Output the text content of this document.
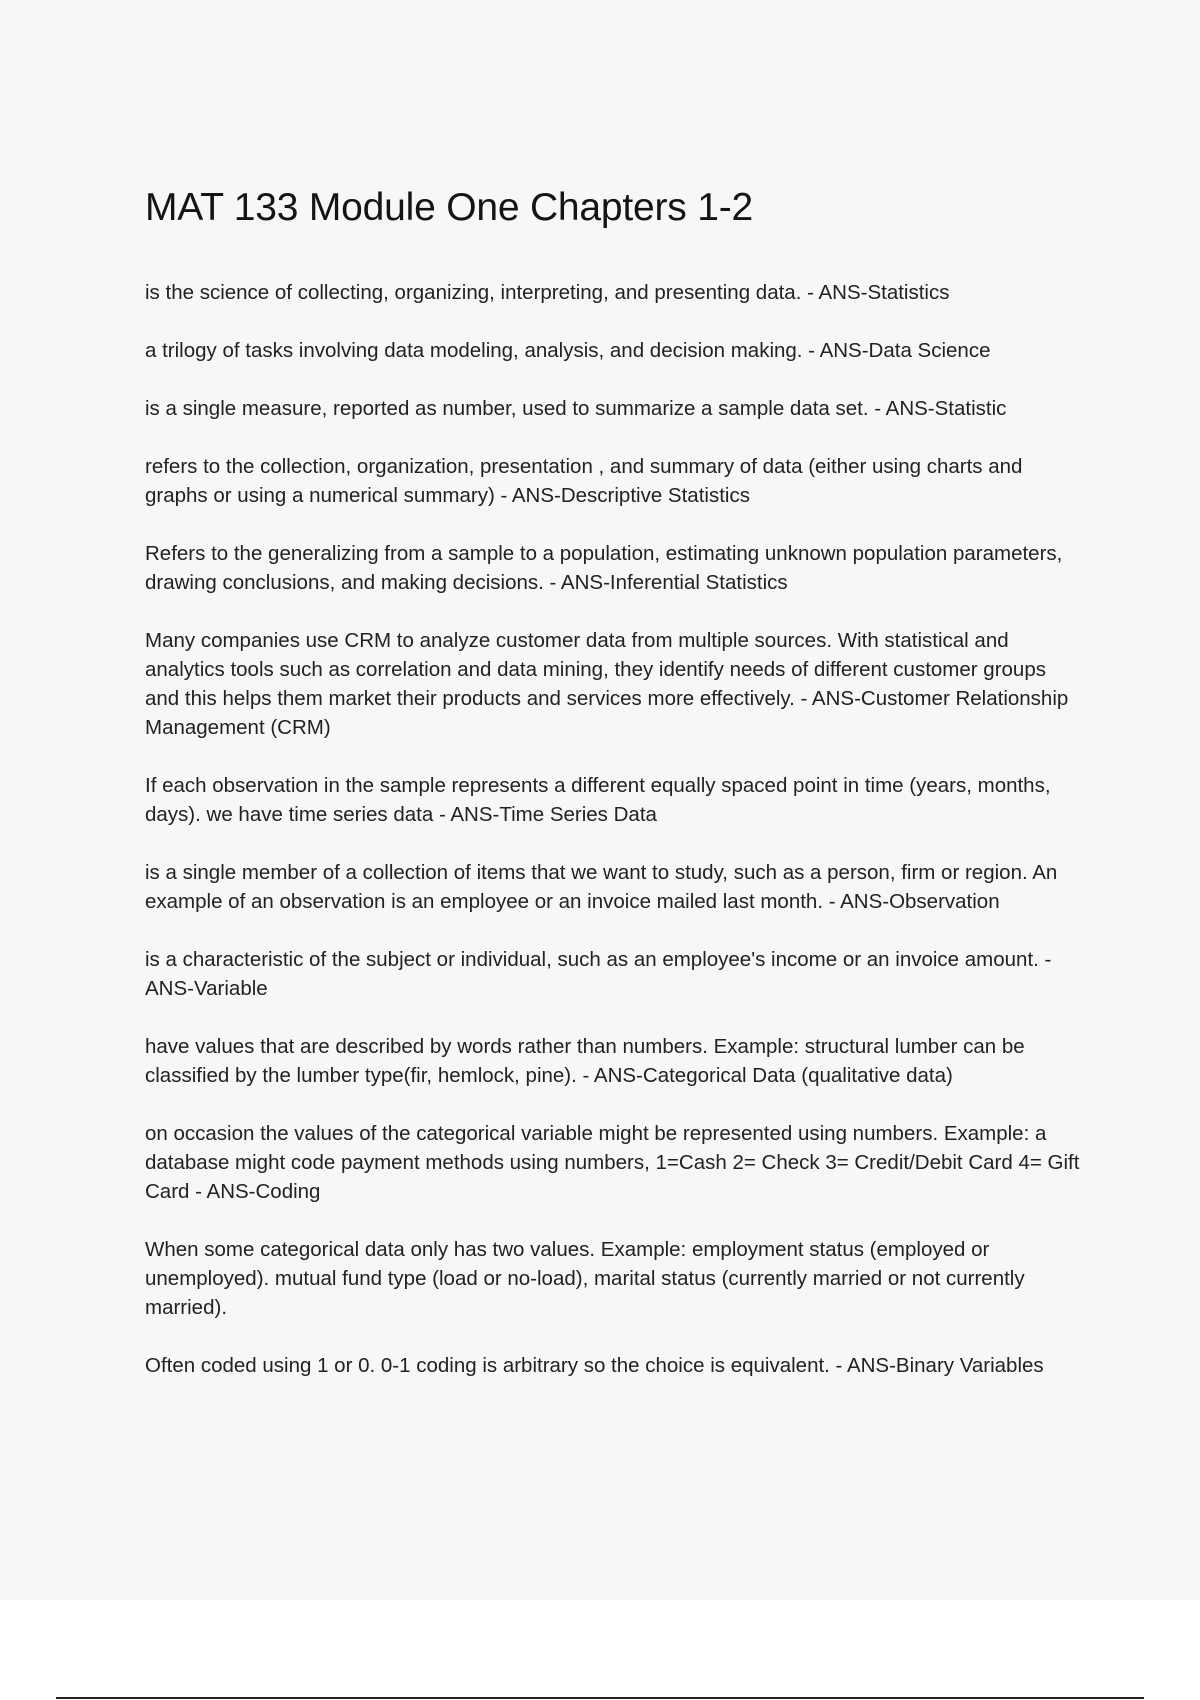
MAT 133 Module One Chapters 1-2

is the science of collecting, organizing, interpreting, and presenting data. - ANS-Statistics

a trilogy of tasks involving data modeling, analysis, and decision making. - ANS-Data Science

is a single measure, reported as number, used to summarize a sample data set. - ANS-Statistic

refers to the collection, organization, presentation , and summary of data (either using charts and graphs or using a numerical summary) - ANS-Descriptive Statistics

Refers to the generalizing from a sample to a population, estimating unknown population parameters, drawing conclusions, and making decisions. - ANS-Inferential Statistics

Many companies use CRM to analyze customer data from multiple sources. With statistical and analytics tools such as correlation and data mining, they identify needs of different customer groups and this helps them market their products and services more effectively. - ANS-Customer Relationship Management (CRM)

If each observation in the sample represents a different equally spaced point in time (years, months, days). we have time series data - ANS-Time Series Data

is a single member of a collection of items that we want to study, such as a person, firm or region. An example of an observation is an employee or an invoice mailed last month. - ANS-Observation

is a characteristic of the subject or individual, such as an employee's income or an invoice amount. - ANS-Variable

have values that are described by words rather than numbers. Example: structural lumber can be classified by the lumber type(fir, hemlock, pine). - ANS-Categorical Data (qualitative data)

on occasion the values of the categorical variable might be represented using numbers. Example: a database might code payment methods using numbers, 1=Cash 2= Check 3= Credit/Debit Card 4= Gift Card - ANS-Coding

When some categorical data only has two values. Example: employment status (employed or unemployed). mutual fund type (load or no-load), marital status (currently married or not currently married).

Often coded using 1 or 0. 0-1 coding is arbitrary so the choice is equivalent. - ANS-Binary Variables
